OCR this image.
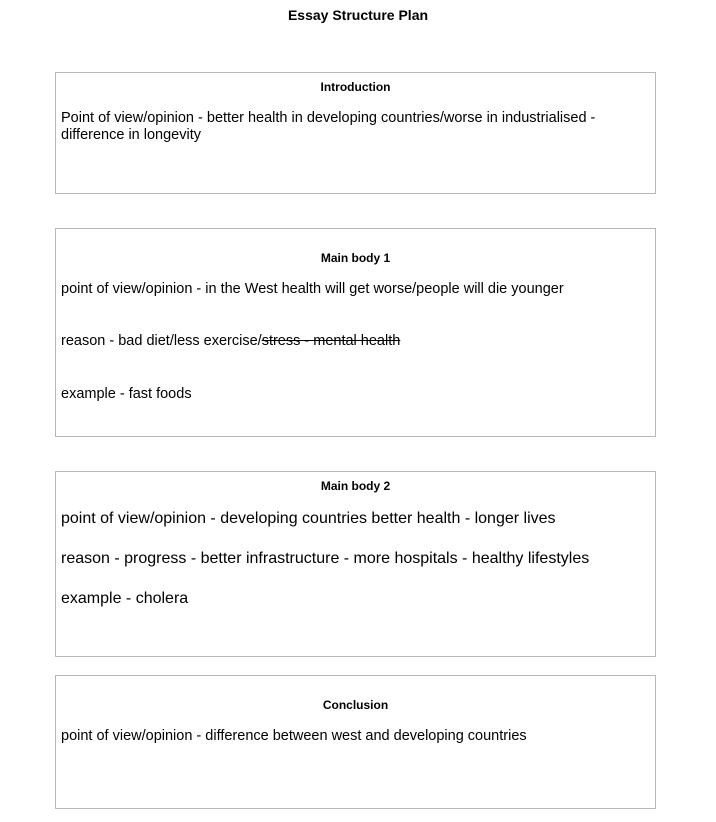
Essay Structure Plan
Introduction
Point of view/opinion - better health in developing countries/worse in industrialised - difference in longevity
Main body 1
point of view/opinion - in the West health will get worse/people will die younger
reason - bad diet/less exercise/stress - mental health
example - fast foods
Main body 2
point of view/opinion - developing countries better health - longer lives
reason - progress - better infrastructure - more hospitals - healthy lifestyles
example - cholera
Conclusion
point of view/opinion - difference between west and developing countries
